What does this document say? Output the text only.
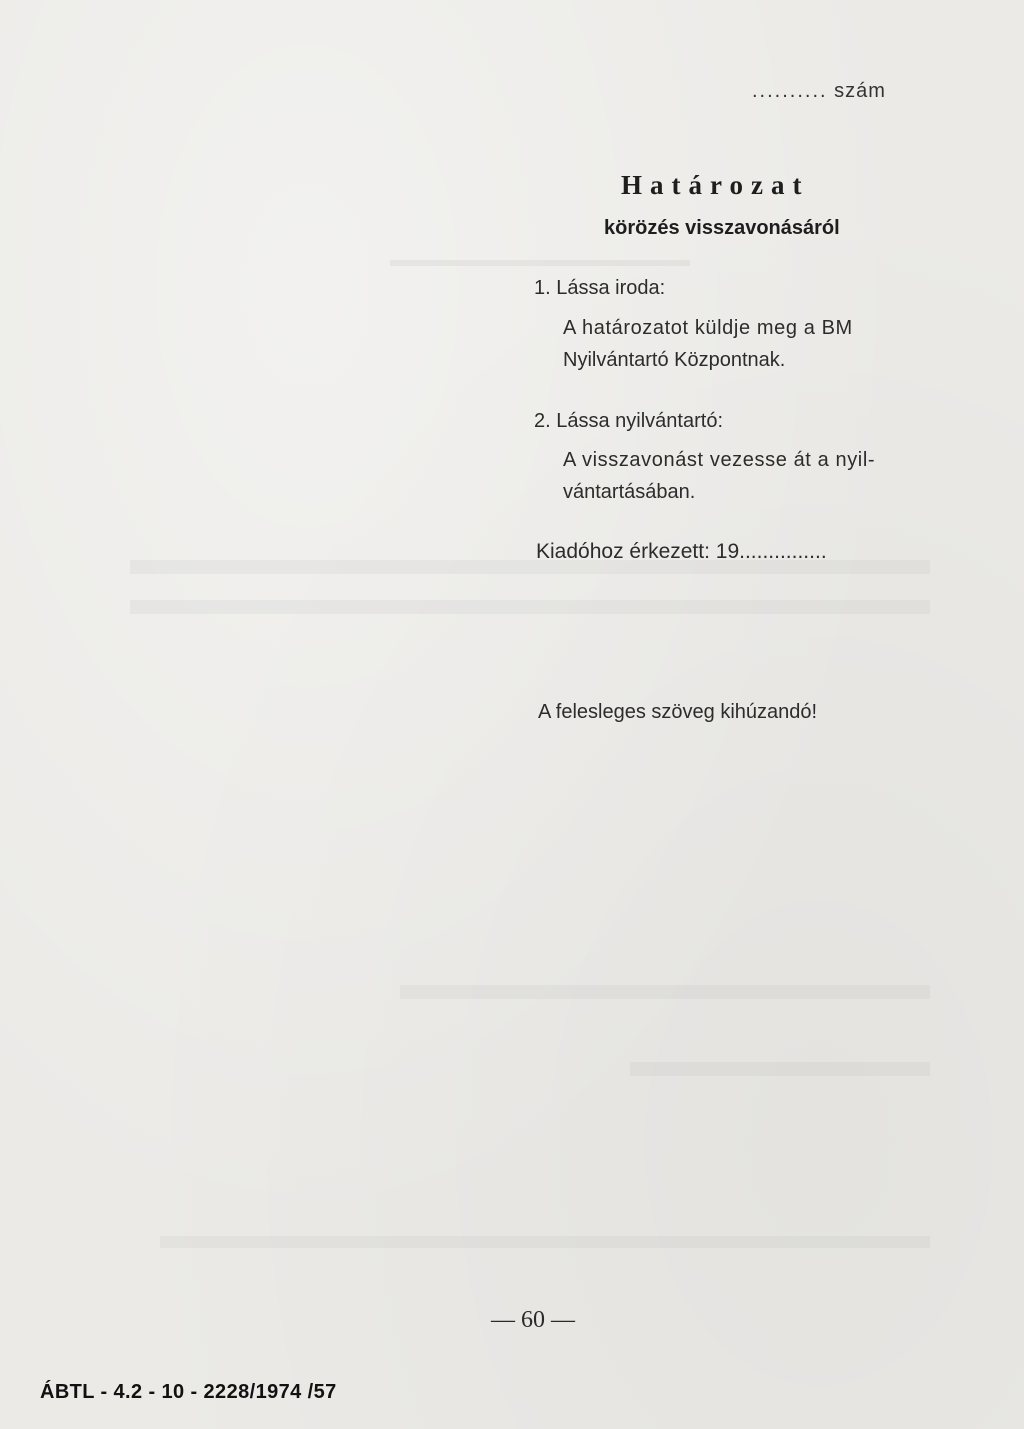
.......... szám
Határozat
körözés visszavonásáról
1. Lássa iroda:
A határozatot küldje meg a BM
Nyilvántartó Központnak.
2. Lássa nyilvántartó:
A visszavonást vezesse át a nyil-
vántartásában.
Kiadóhoz érkezett: 19...............
A felesleges szöveg kihúzandó!
— 60 —
ÁBTL - 4.2 - 10 - 2228/1974 /57
